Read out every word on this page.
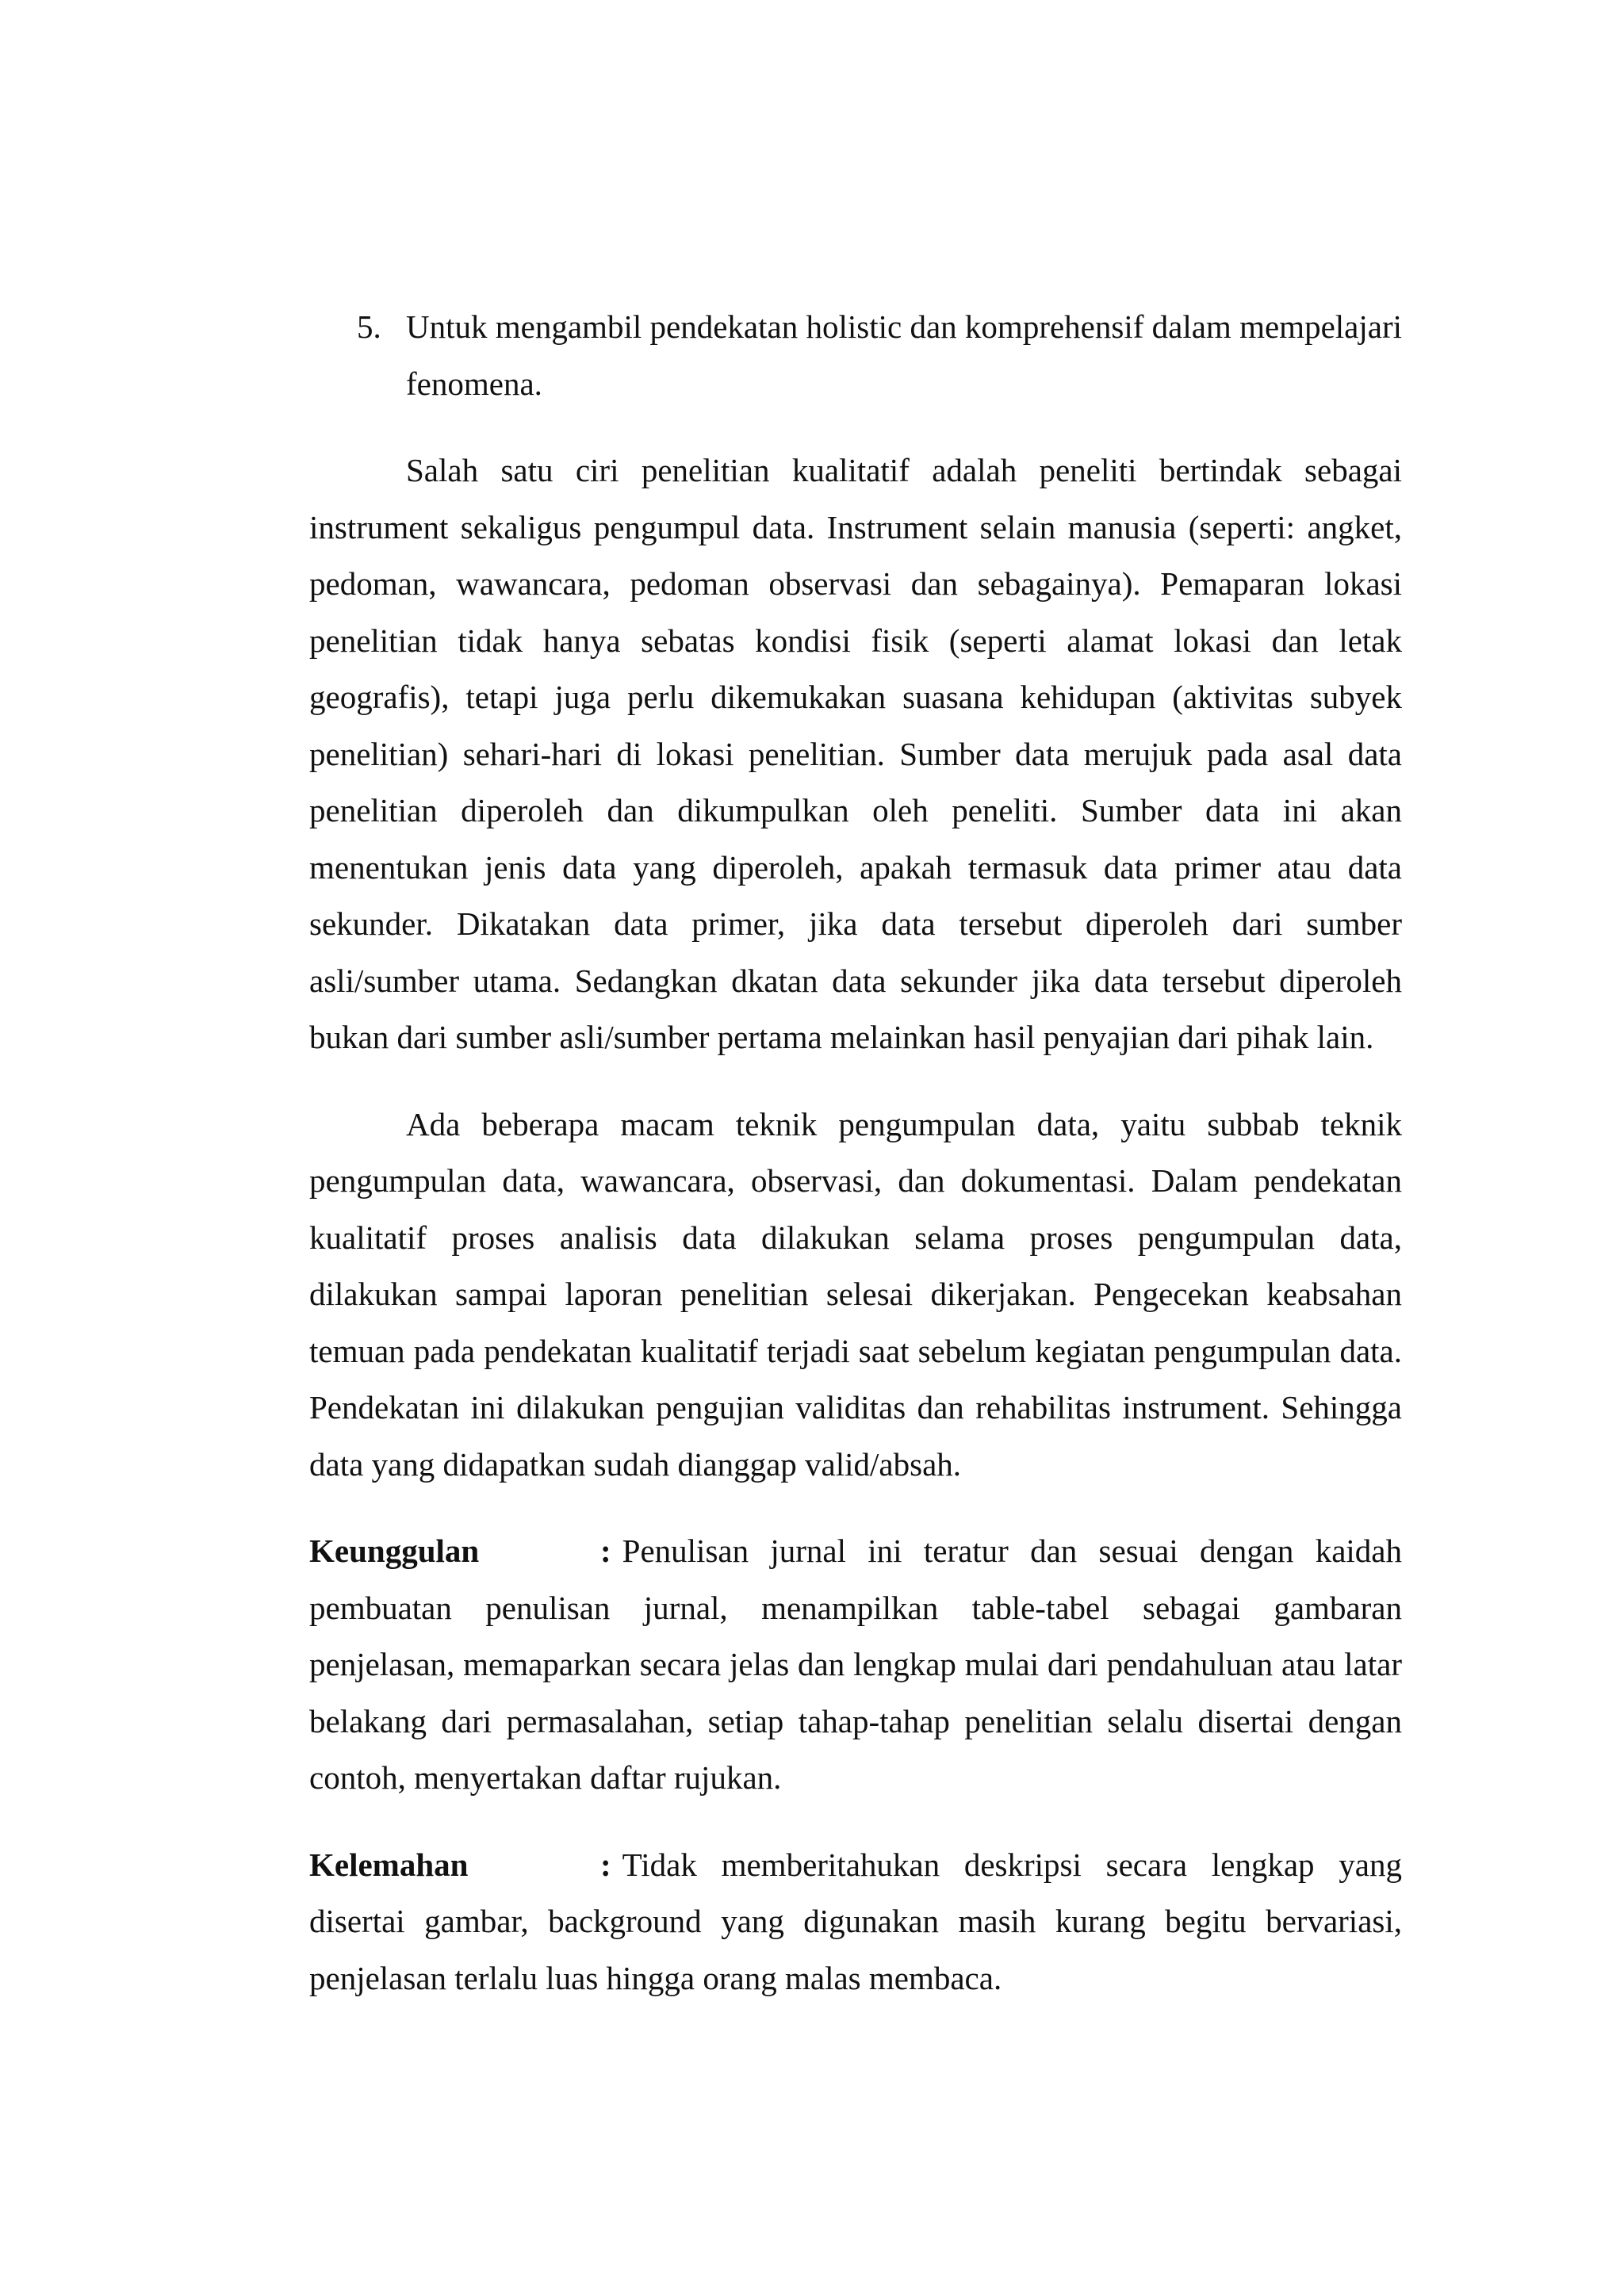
5. Untuk mengambil pendekatan holistic dan komprehensif dalam mempelajari fenomena.

Salah satu ciri penelitian kualitatif adalah peneliti bertindak sebagai instrument sekaligus pengumpul data. Instrument selain manusia (seperti: angket, pedoman, wawancara, pedoman observasi dan sebagainya). Pemaparan lokasi penelitian tidak hanya sebatas kondisi fisik (seperti alamat lokasi dan letak geografis), tetapi juga perlu dikemukakan suasana kehidupan (aktivitas subyek penelitian) sehari-hari di lokasi penelitian. Sumber data merujuk pada asal data penelitian diperoleh dan dikumpulkan oleh peneliti. Sumber data ini akan menentukan jenis data yang diperoleh, apakah termasuk data primer atau data sekunder. Dikatakan data primer, jika data tersebut diperoleh dari sumber asli/sumber utama. Sedangkan dkatan data sekunder jika data tersebut diperoleh bukan dari sumber asli/sumber pertama melainkan hasil penyajian dari pihak lain.

Ada beberapa macam teknik pengumpulan data, yaitu subbab teknik pengumpulan data, wawancara, observasi, dan dokumentasi. Dalam pendekatan kualitatif proses analisis data dilakukan selama proses pengumpulan data, dilakukan sampai laporan penelitian selesai dikerjakan. Pengecekan keabsahan temuan pada pendekatan kualitatif terjadi saat sebelum kegiatan pengumpulan data. Pendekatan ini dilakukan pengujian validitas dan rehabilitas instrument. Sehingga data yang didapatkan sudah dianggap valid/absah.

Keunggulan	: Penulisan jurnal ini teratur dan sesuai dengan kaidah pembuatan penulisan jurnal, menampilkan table-tabel sebagai gambaran penjelasan, memaparkan secara jelas dan lengkap mulai dari pendahuluan atau latar belakang dari permasalahan, setiap tahap-tahap penelitian selalu disertai dengan contoh, menyertakan daftar rujukan.

Kelemahan	: Tidak memberitahukan deskripsi secara lengkap yang disertai gambar, background yang digunakan masih kurang begitu bervariasi, penjelasan terlalu luas hingga orang malas membaca.
